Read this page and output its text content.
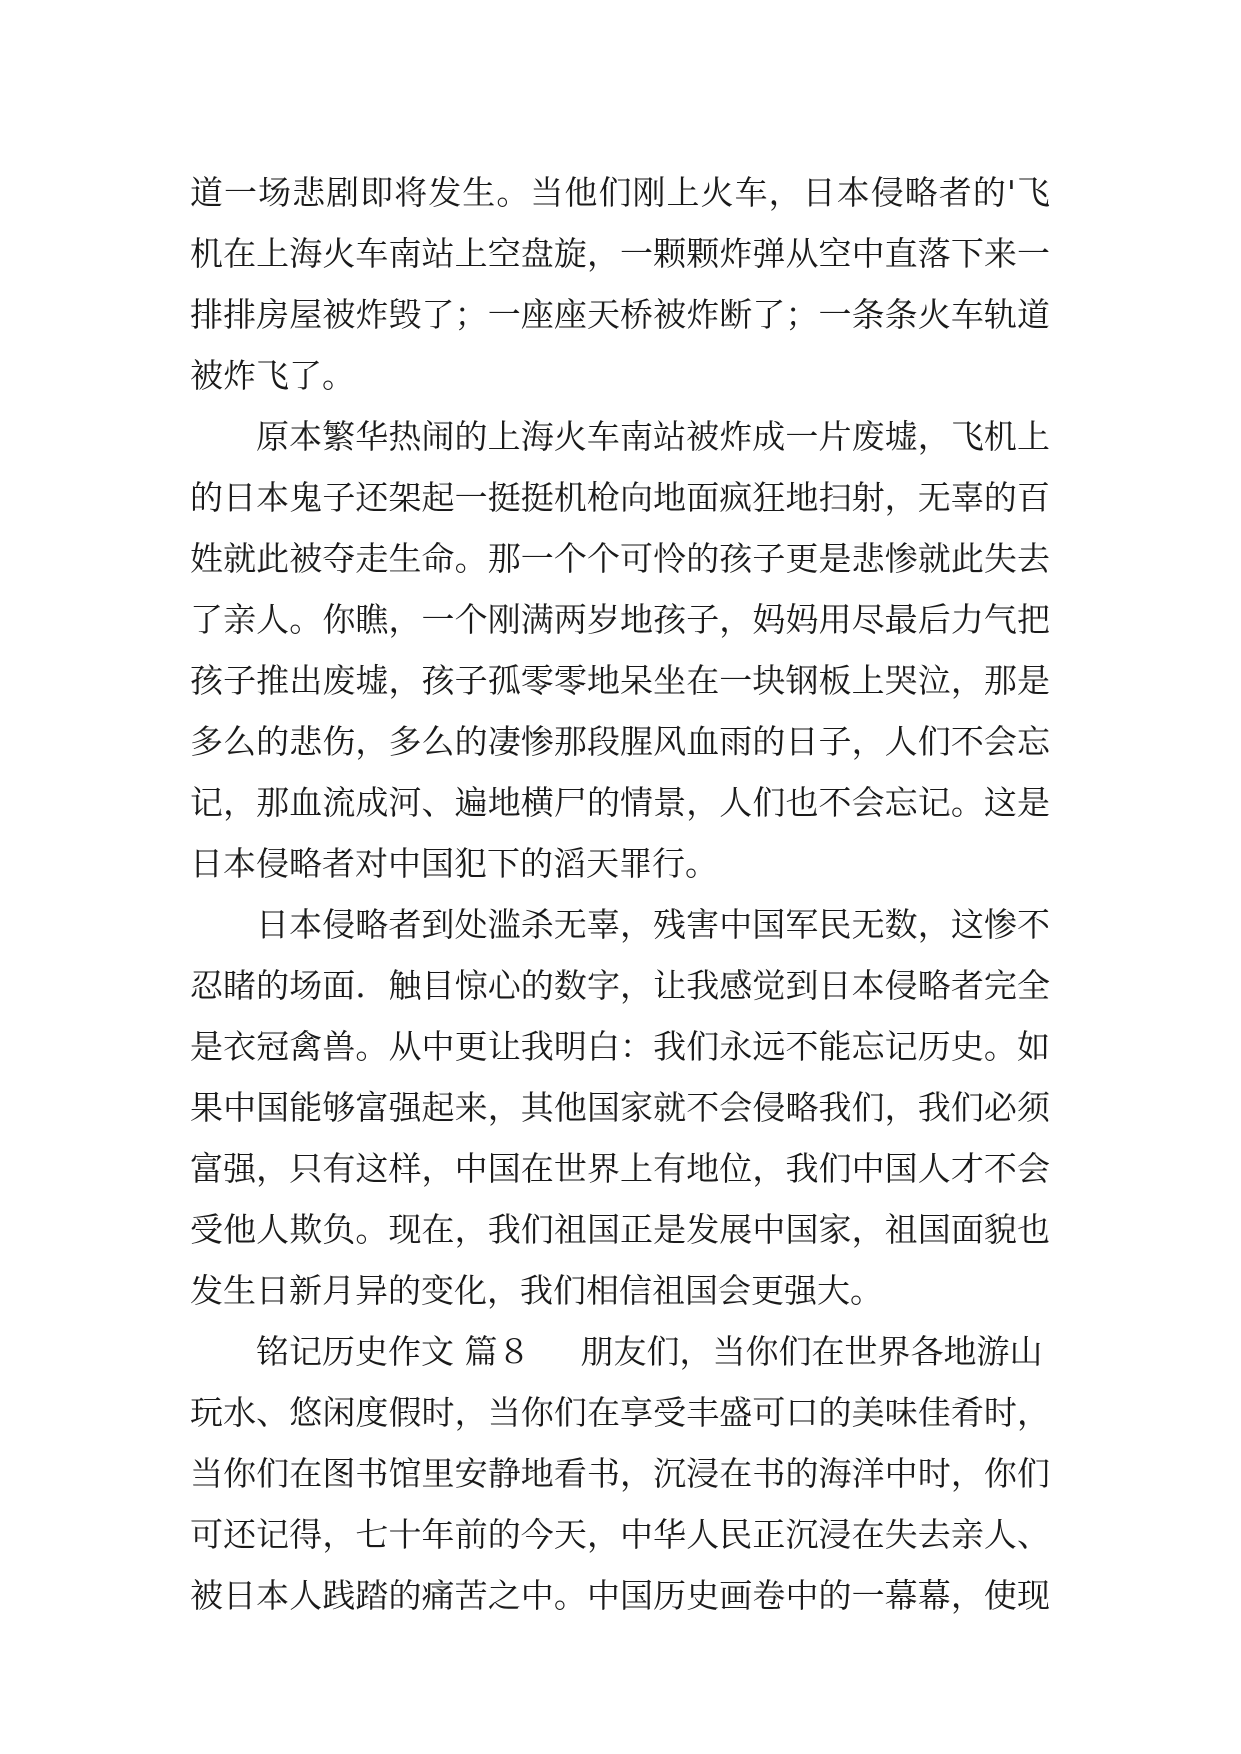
道一场悲剧即将发生。当他们刚上火车，日本侵略者的'飞
机在上海火车南站上空盘旋，一颗颗炸弹从空中直落下来一
排排房屋被炸毁了；一座座天桥被炸断了；一条条火车轨道
被炸飞了。
原本繁华热闹的上海火车南站被炸成一片废墟，飞机上
的日本鬼子还架起一挺挺机枪向地面疯狂地扫射，无辜的百
姓就此被夺走生命。那一个个可怜的孩子更是悲惨就此失去
了亲人。你瞧，一个刚满两岁地孩子，妈妈用尽最后力气把
孩子推出废墟，孩子孤零零地呆坐在一块钢板上哭泣，那是
多么的悲伤，多么的凄惨那段腥风血雨的日子，人们不会忘
记，那血流成河、遍地横尸的情景，人们也不会忘记。这是
日本侵略者对中国犯下的滔天罪行。
日本侵略者到处滥杀无辜，残害中国军民无数，这惨不
忍睹的场面．触目惊心的数字，让我感觉到日本侵略者完全
是衣冠禽兽。从中更让我明白：我们永远不能忘记历史。如
果中国能够富强起来，其他国家就不会侵略我们，我们必须
富强，只有这样，中国在世界上有地位，我们中国人才不会
受他人欺负。现在，我们祖国正是发展中国家，祖国面貌也
发生日新月异的变化，我们相信祖国会更强大。
铭记历史作文 篇８ 朋友们，当你们在世界各地游山
玩水、悠闲度假时，当你们在享受丰盛可口的美味佳肴时，
当你们在图书馆里安静地看书，沉浸在书的海洋中时，你们
可还记得，七十年前的今天，中华人民正沉浸在失去亲人、
被日本人践踏的痛苦之中。中国历史画卷中的一幕幕，使现
